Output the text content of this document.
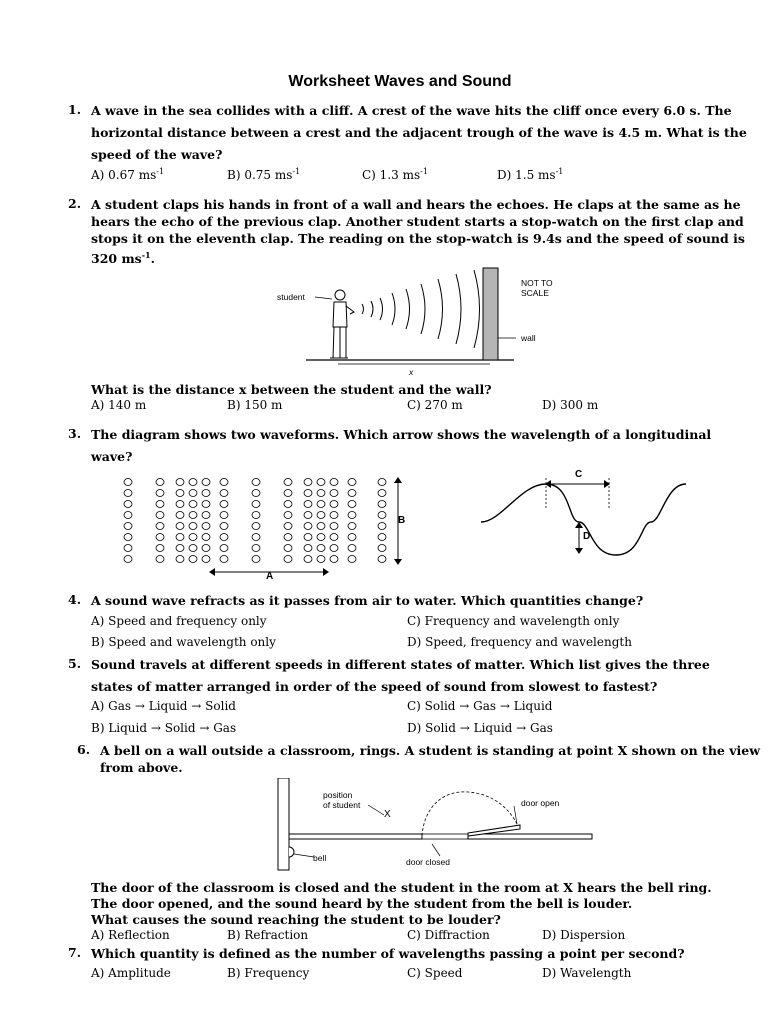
Worksheet Waves and Sound
1. A wave in the sea collides with a cliff. A crest of the wave hits the cliff once every 6.0 s. The
horizontal distance between a crest and the adjacent trough of the wave is 4.5 m. What is the
speed of the wave?
A) 0.67 $ms^{-1}$	B) 0.75 $ms^{-1}$	C) 1.3 $ms^{-1}$	D) 1.5 $ms^{-1}$
2. A student claps his hands in front of a wall and hears the echoes. He claps at the same as he
hears the echo of the previous clap. Another student starts a stop-watch on the first clap and
stops it on the eleventh clap. The reading on the stop-watch is 9.4s and the speed of sound is
320 $ms^{-1}$.
student
NOT TO
SCALE
wall
x
What is the distance x between the student and the wall?
A) 140 m	B) 150 m	C) 270 m	D) 300 m
3. The diagram shows two waveforms. Which arrow shows the wavelength of a longitudinal
wave?
B
A
C
D
4. A sound wave refracts as it passes from air to water. Which quantities change?
A) Speed and frequency only	C) Frequency and wavelength only
B) Speed and wavelength only	D) Speed, frequency and wavelength
5. Sound travels at different speeds in different states of matter. Which list gives the three
states of matter arranged in order of the speed of sound from slowest to fastest?
A) Gas → Liquid → Solid	C) Solid → Gas → Liquid
B) Liquid → Solid → Gas	D) Solid → Liquid → Gas
6. A bell on a wall outside a classroom, rings. A student is standing at point X shown on the view
from above.
position
of student
X
door open
bell	door closed
The door of the classroom is closed and the student in the room at X hears the bell ring.
The door opened, and the sound heard by the student from the bell is louder.
What causes the sound reaching the student to be louder?
A) Reflection	B) Refraction	C) Diffraction	D) Dispersion
7. Which quantity is defined as the number of wavelengths passing a point per second?
A) Amplitude	B) Frequency	C) Speed	D) Wavelength
